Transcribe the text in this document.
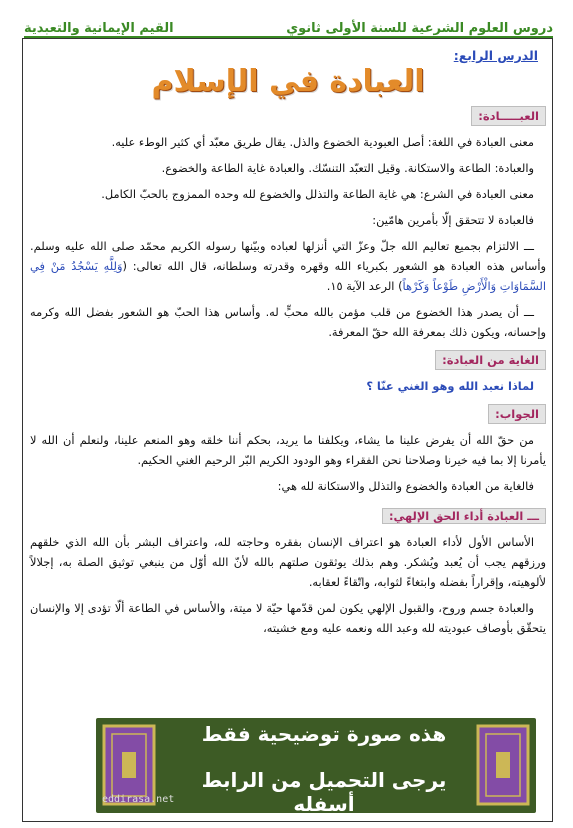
دروس العلوم الشرعية للسنة الأولى ثانوي
القيم الإيمانية والتعبدية
الدرس الرابع:
العبادة في الإسلام
العبـــــادة:

معنى العبادة في اللغة: أصل العبودية الخضوع والذل. يقال طريق معبّد أي كثير الوطء عليه.

والعبادة: الطاعة والاستكانة. وقيل التعبّد التنسّك. والعبادة غاية الطاعة والخضوع.

معنى العبادة في الشرع: هي غاية الطاعة والتذلل والخضوع لله وحده الممزوج بالحبّ الكامل.

فالعبادة لا تتحقق إلّا بأمرين هامّين:

ـــ الالتزام بجميع تعاليم الله جلّ وعزّ التي أنزلها لعباده وبيّنها رسوله الكريم محمّد صلى الله عليه وسلم. وأساس هذه العبادة هو الشعور بكبرياء الله وقهره وقدرته وسلطانه، قال الله تعالى: (وَلِلَّهِ يَسْجُدُ مَنْ فِي السَّمَاوَاتِ وَالْأَرْضِ طَوْعاً وَكَرْهاً) الرعد الآية ١٥.

ـــ أن يصدر هذا الخضوع من قلب مؤمن بالله محبٍّ له. وأساس هذا الحبّ هو الشعور بفضل الله وكرمه وإحسانه، ويكون ذلك بمعرفة الله حقّ المعرفة.

الغاية من العبادة:
لماذا نعبد الله وهو الغني عنّا ؟
الجواب:

من حقّ الله أن يفرض علينا ما يشاء، ويكلفنا ما يريد، بحكم أننا خلقه وهو المنعم علينا، ولنعلم أن الله لا يأمرنا إلا بما فيه خيرنا وصلاحنا نحن الفقراء وهو الودود الكريم البّر الرحيم الغني الحكيم.

فالغاية من العبادة والخضوع والتذلل والاستكانة لله هي:

ـــ العبادة أداء الحق الإلهي:

الأساس الأول لأداء العبادة هو اعتراف الإنسان بفقره وحاجته لله، واعتراف البشر بأن الله الذي خلقهم ورزقهم يجب أن يُعبد ويُشكر. وهم بذلك يوثقون صلتهم بالله لأنّ الله أوّل من ينبغي توثيق الصلة به، إجلالاً لألوهيته، وإقراراً بفضله وابتغاءً لثوابه، واتّقاءً لعقابه.

والعبادة جسم وروح، والقبول الإلهي يكون لمن قدّمها حيّة لا ميتة، والأساس في الطاعة ألّا تؤدى إلا والإنسان يتحقّق بأوصاف عبوديته لله وعبد الله ونعمه عليه ومع خشيته،

هذه صورة توضيحية فقط
يرجى التحميل من الرابط أسفله
eddirasa.net
